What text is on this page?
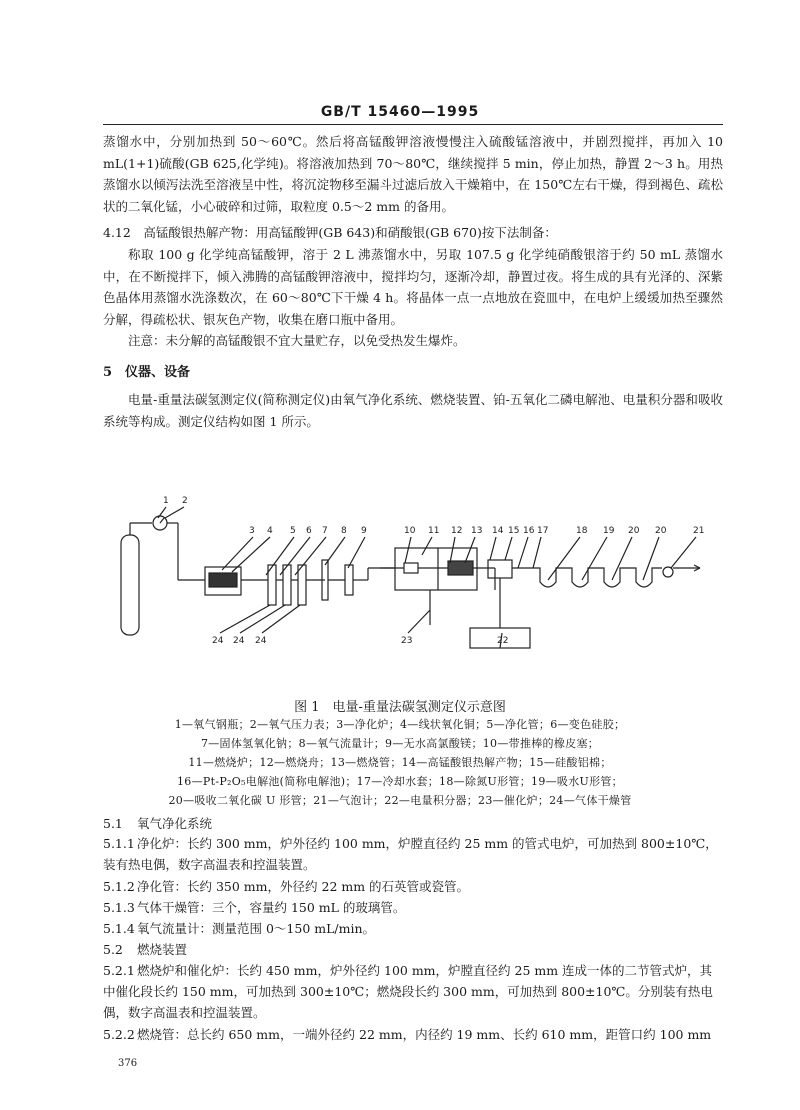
GB/T 15460—1995

蒸馏水中，分别加热到 50～60℃。然后将高锰酸钾溶液慢慢注入硫酸锰溶液中，并剧烈搅拌，再加入 10 mL(1+1)硫酸(GB 625,化学纯)。将溶液加热到 70～80℃，继续搅拌 5 min，停止加热，静置 2～3 h。用热蒸馏水以倾泻法洗至溶液呈中性，将沉淀物移至漏斗过滤后放入干燥箱中，在 150℃左右干燥，得到褐色、疏松状的二氧化锰，小心破碎和过筛，取粒度 0.5～2 mm 的备用。

4.12　高锰酸银热解产物：用高锰酸钾(GB 643)和硝酸银(GB 670)按下法制备：

称取 100 g 化学纯高锰酸钾，溶于 2 L 沸蒸馏水中，另取 107.5 g 化学纯硝酸银溶于约 50 mL 蒸馏水中，在不断搅拌下，倾入沸腾的高锰酸钾溶液中，搅拌均匀，逐渐冷却，静置过夜。将生成的具有光泽的、深紫色晶体用蒸馏水洗涤数次，在 60～80℃下干燥 4 h。将晶体一点一点地放在瓷皿中，在电炉上缓缓加热至骤然分解，得疏松状、银灰色产物，收集在磨口瓶中备用。

注意：未分解的高锰酸银不宜大量贮存，以免受热发生爆炸。

5　仪器、设备

电量-重量法碳氢测定仪(简称测定仪)由氧气净化系统、燃烧装置、铂-五氧化二磷电解池、电量积分器和吸收系统等构成。测定仪结构如图 1 所示。

1 2
3 4 5 6 7 8 9	10 11 12 13 14 15 16 17	18 19 20 20	21
22
23
24 24 24

图 1　电量-重量法碳氢测定仪示意图

1—氧气钢瓶；2—氧气压力表；3—净化炉；4—线状氧化铜；5—净化管；6—变色硅胶；

7—固体氢氧化钠；8—氧气流量计；9—无水高氯酸镁；10—带推棒的橡皮塞；

11—燃烧炉；12—燃烧舟；13—燃烧管；14—高锰酸银热解产物；15—硅酸铝棉；

16—Pt-P₂O₅电解池(简称电解池)；17—冷却水套；18—除氮U形管；19—吸水U形管；

20—吸收二氧化碳 U 形管；21—气泡计；22—电量积分器；23—催化炉；24—气体干燥管

5.1 氧气净化系统

5.1.1 净化炉：长约 300 mm，炉外径约 100 mm，炉膛直径约 25 mm 的管式电炉，可加热到 800±10℃，装有热电偶，数字高温表和控温装置。

5.1.2 净化管：长约 350 mm，外径约 22 mm 的石英管或瓷管。

5.1.3 气体干燥管：三个，容量约 150 mL 的玻璃管。

5.1.4 氧气流量计：测量范围 0～150 mL/min。

5.2 燃烧装置

5.2.1 燃烧炉和催化炉：长约 450 mm，炉外径约 100 mm，炉膛直径约 25 mm 连成一体的二节管式炉，其中催化段长约 150 mm，可加热到 300±10℃；燃烧段长约 300 mm，可加热到 800±10℃。分别装有热电偶，数字高温表和控温装置。

5.2.2 燃烧管：总长约 650 mm，一端外径约 22 mm，内径约 19 mm、长约 610 mm，距管口约 100 mm

376
